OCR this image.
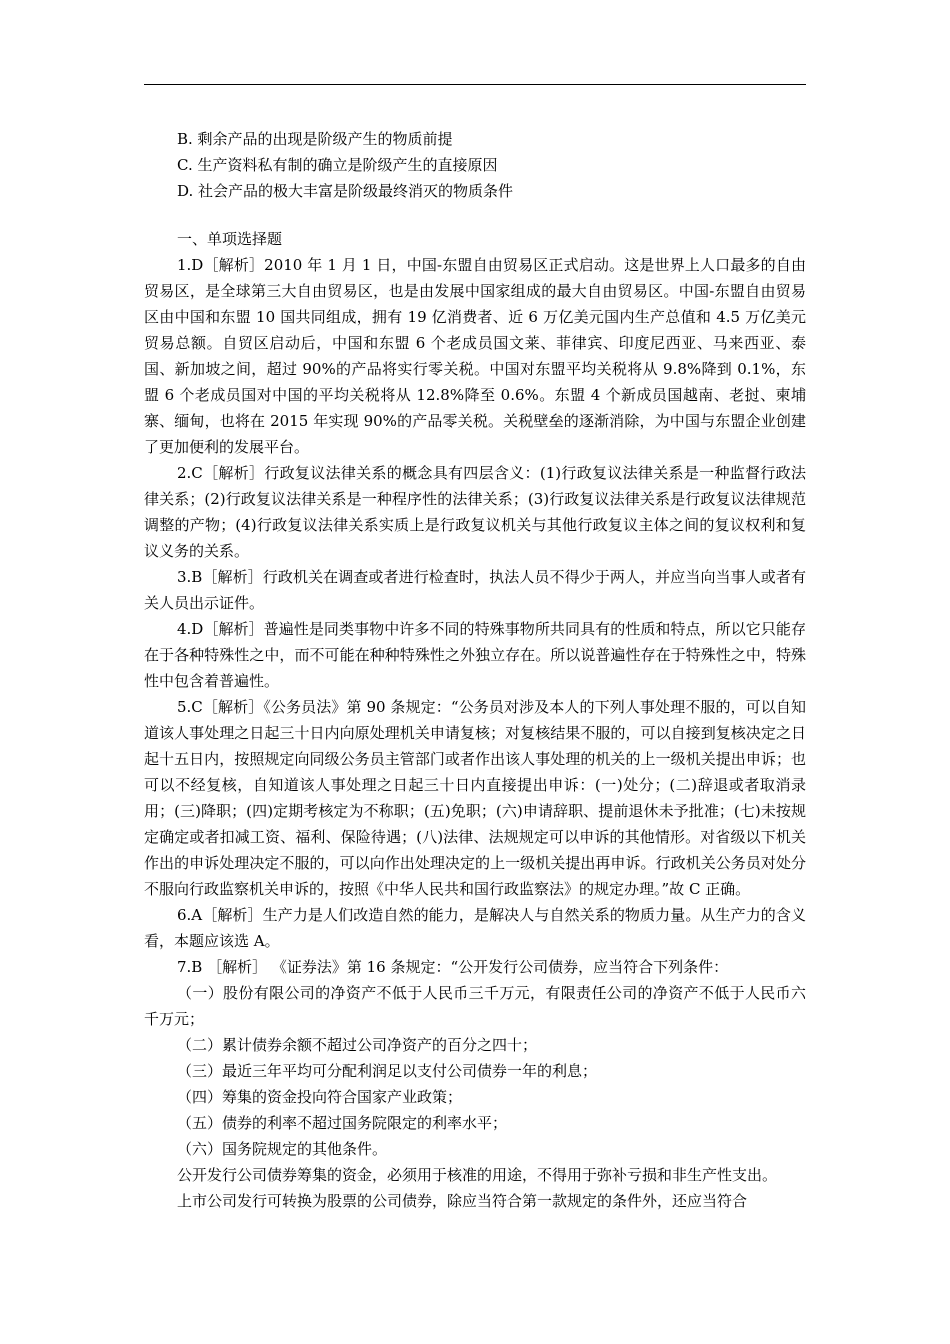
B. 剩余产品的出现是阶级产生的物质前提

C. 生产资料私有制的确立是阶级产生的直接原因

D. 社会产品的极大丰富是阶级最终消灭的物质条件

一、单项选择题

1.D［解析］2010 年 1 月 1 日，中国-东盟自由贸易区正式启动。这是世界上人口最多的自由贸易区，是全球第三大自由贸易区，也是由发展中国家组成的最大自由贸易区。中国-东盟自由贸易区由中国和东盟 10 国共同组成，拥有 19 亿消费者、近 6 万亿美元国内生产总值和 4.5 万亿美元贸易总额。自贸区启动后，中国和东盟 6 个老成员国文莱、菲律宾、印度尼西亚、马来西亚、泰国、新加坡之间，超过 90%的产品将实行零关税。中国对东盟平均关税将从 9.8%降到 0.1%，东盟 6 个老成员国对中国的平均关税将从 12.8%降至 0.6%。东盟 4 个新成员国越南、老挝、柬埔寨、缅甸，也将在 2015 年实现 90%的产品零关税。关税壁垒的逐渐消除，为中国与东盟企业创建了更加便利的发展平台。

2.C［解析］行政复议法律关系的概念具有四层含义：(1)行政复议法律关系是一种监督行政法律关系；(2)行政复议法律关系是一种程序性的法律关系；(3)行政复议法律关系是行政复议法律规范调整的产物；(4)行政复议法律关系实质上是行政复议机关与其他行政复议主体之间的复议权利和复议义务的关系。

3.B［解析］行政机关在调查或者进行检查时，执法人员不得少于两人，并应当向当事人或者有关人员出示证件。

4.D［解析］普遍性是同类事物中许多不同的特殊事物所共同具有的性质和特点，所以它只能存在于各种特殊性之中，而不可能在种种特殊性之外独立存在。所以说普遍性存在于特殊性之中，特殊性中包含着普遍性。

5.C［解析］《公务员法》第 90 条规定：“公务员对涉及本人的下列人事处理不服的，可以自知道该人事处理之日起三十日内向原处理机关申请复核；对复核结果不服的，可以自接到复核决定之日起十五日内，按照规定向同级公务员主管部门或者作出该人事处理的机关的上一级机关提出申诉；也可以不经复核，自知道该人事处理之日起三十日内直接提出申诉：(一)处分；(二)辞退或者取消录用；(三)降职；(四)定期考核定为不称职；(五)免职；(六)申请辞职、提前退休未予批准；(七)未按规定确定或者扣减工资、福利、保险待遇；(八)法律、法规规定可以申诉的其他情形。对省级以下机关作出的申诉处理决定不服的，可以向作出处理决定的上一级机关提出再申诉。行政机关公务员对处分不服向行政监察机关申诉的，按照《中华人民共和国行政监察法》的规定办理。”故 C 正确。

6.A［解析］生产力是人们改造自然的能力，是解决人与自然关系的物质力量。从生产力的含义看，本题应该选 A。

7.B ［解析］ 《证券法》第 16 条规定：“公开发行公司债券，应当符合下列条件：

（一）股份有限公司的净资产不低于人民币三千万元，有限责任公司的净资产不低于人民币六千万元；

（二）累计债券余额不超过公司净资产的百分之四十；

（三）最近三年平均可分配利润足以支付公司债券一年的利息；

（四）筹集的资金投向符合国家产业政策；

（五）债券的利率不超过国务院限定的利率水平；

（六）国务院规定的其他条件。

公开发行公司债券筹集的资金，必须用于核准的用途，不得用于弥补亏损和非生产性支出。

上市公司发行可转换为股票的公司债券，除应当符合第一款规定的条件外，还应当符合
